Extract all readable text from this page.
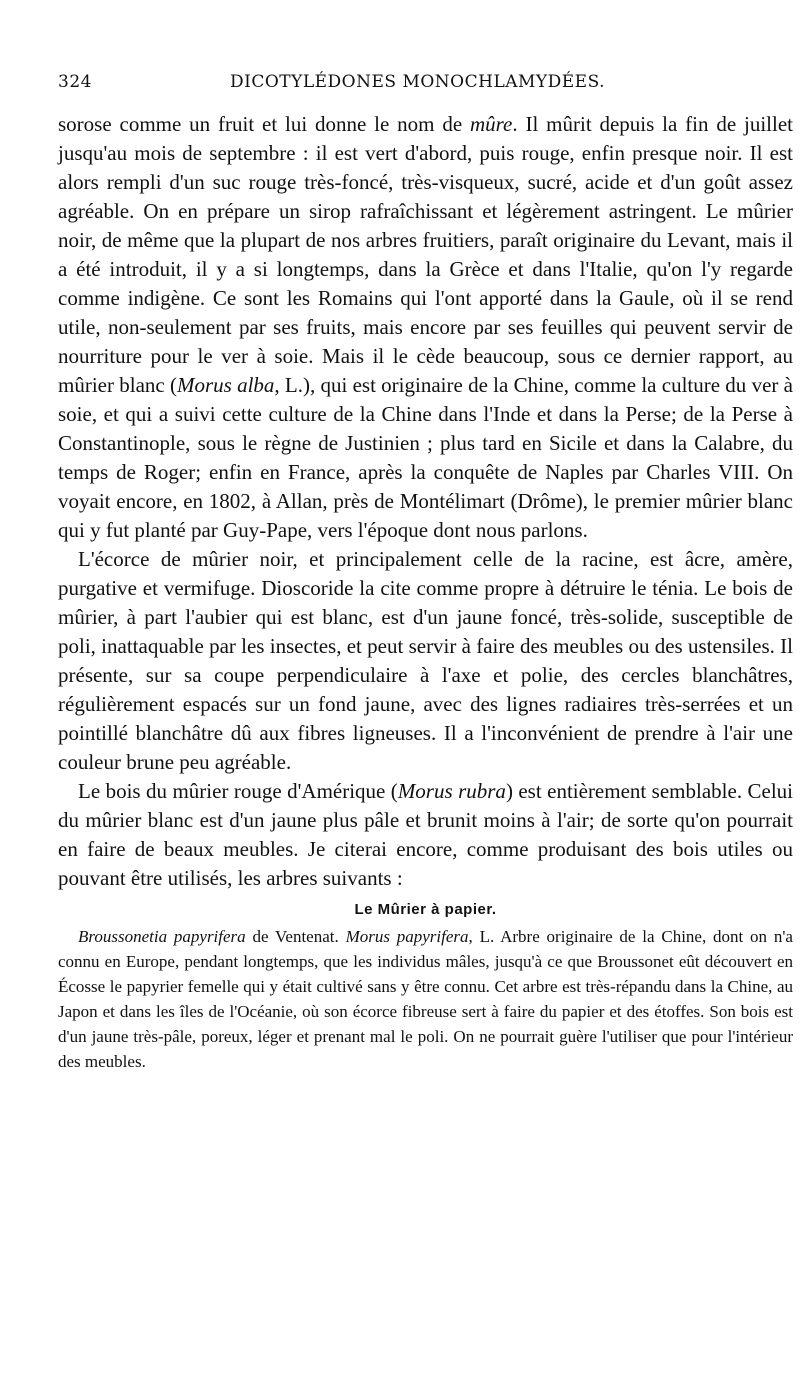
324	DICOTYLÉDONES MONOCHLAMYDÉES.

sorose comme un fruit et lui donne le nom de mûre. Il mûrit depuis la fin de juillet jusqu'au mois de septembre : il est vert d'abord, puis rouge, enfin presque noir. Il est alors rempli d'un suc rouge très-foncé, très-visqueux, sucré, acide et d'un goût assez agréable. On en prépare un sirop rafraîchissant et légèrement astringent. Le mûrier noir, de même que la plupart de nos arbres fruitiers, paraît originaire du Levant, mais il a été introduit, il y a si longtemps, dans la Grèce et dans l'Italie, qu'on l'y regarde comme indigène. Ce sont les Romains qui l'ont apporté dans la Gaule, où il se rend utile, non-seulement par ses fruits, mais encore par ses feuilles qui peuvent servir de nourriture pour le ver à soie. Mais il le cède beaucoup, sous ce dernier rapport, au mûrier blanc (Morus alba, L.), qui est originaire de la Chine, comme la culture du ver à soie, et qui a suivi cette culture de la Chine dans l'Inde et dans la Perse; de la Perse à Constantinople, sous le règne de Justinien ; plus tard en Sicile et dans la Calabre, du temps de Roger; enfin en France, après la conquête de Naples par Charles VIII. On voyait encore, en 1802, à Allan, près de Montélimart (Drôme), le premier mûrier blanc qui y fut planté par Guy-Pape, vers l'époque dont nous parlons.

L'écorce de mûrier noir, et principalement celle de la racine, est âcre, amère, purgative et vermifuge. Dioscoride la cite comme propre à détruire le ténia. Le bois de mûrier, à part l'aubier qui est blanc, est d'un jaune foncé, très-solide, susceptible de poli, inattaquable par les insectes, et peut servir à faire des meubles ou des ustensiles. Il présente, sur sa coupe perpendiculaire à l'axe et polie, des cercles blanchâtres, régulièrement espacés sur un fond jaune, avec des lignes radiaires très-serrées et un pointillé blanchâtre dû aux fibres ligneuses. Il a l'inconvénient de prendre à l'air une couleur brune peu agréable.

Le bois du mûrier rouge d'Amérique (Morus rubra) est entièrement semblable. Celui du mûrier blanc est d'un jaune plus pâle et brunit moins à l'air; de sorte qu'on pourrait en faire de beaux meubles. Je citerai encore, comme produisant des bois utiles ou pouvant être utilisés, les arbres suivants :

Le Mûrier à papier.

Broussonetia papyrifera de Ventenat. Morus papyrifera, L. Arbre originaire de la Chine, dont on n'a connu en Europe, pendant longtemps, que les individus mâles, jusqu'à ce que Broussonet eût découvert en Écosse le papyrier femelle qui y était cultivé sans y être connu. Cet arbre est très-répandu dans la Chine, au Japon et dans les îles de l'Océanie, où son écorce fibreuse sert à faire du papier et des étoffes. Son bois est d'un jaune très-pâle, poreux, léger et prenant mal le poli. On ne pourrait guère l'utiliser que pour l'intérieur des meubles.
